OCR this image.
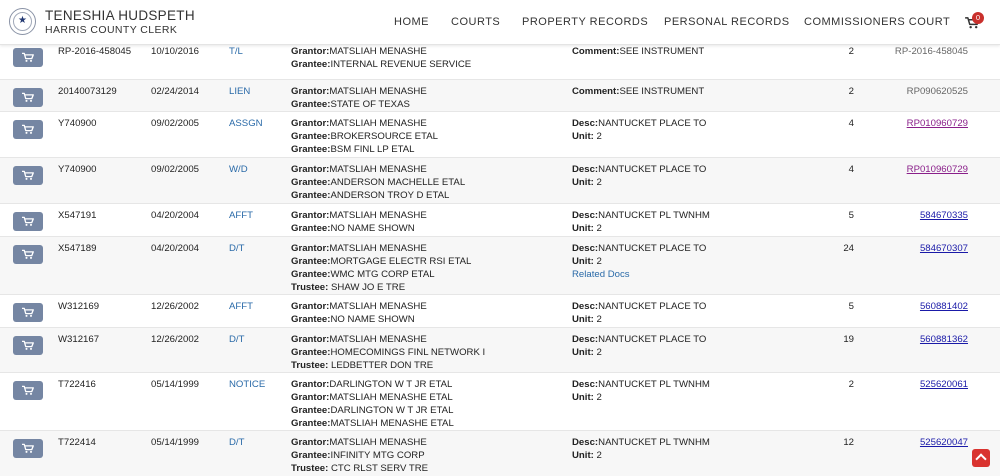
★	TENESHIA HUDSPETH
HARRIS COUNTY CLERK
HOME COURTS PROPERTY RECORDS PERSONAL RECORDS COMMISSIONERS COURT	0
RP-2016-458045 10/10/2016	T/L	Grantor:MATSLIAH MENASHE
Grantee:INTERNAL REVENUE SERVICE
Comment:SEE INSTRUMENT	2	RP-2016-458045
20140073129	02/24/2014	LIEN	Grantor:MATSLIAH MENASHE
Grantee:STATE OF TEXAS
Comment:SEE INSTRUMENT	2	RP090620525
Y740900	09/02/2005	ASSGN	Grantor:MATSLIAH MENASHE
Grantee:BROKERSOURCE ETAL
Grantee:BSM FINL LP ETAL
Desc:NANTUCKET PLACE TO
Unit: 2
4	RP010960729
Y740900	09/02/2005	W/D	Grantor:MATSLIAH MENASHE
Grantee:ANDERSON MACHELLE ETAL
Grantee:ANDERSON TROY D ETAL
Desc:NANTUCKET PLACE TO
Unit: 2
4	RP010960729
X547191	04/20/2004	AFFT	Grantor:MATSLIAH MENASHE
Grantee:NO NAME SHOWN
Desc:NANTUCKET PL TWNHM
Unit: 2
5	584670335
X547189	04/20/2004	D/T	Grantor:MATSLIAH MENASHE
Grantee:MORTGAGE ELECTR RSI ETAL
Grantee:WMC MTG CORP ETAL
Trustee: SHAW JO E TRE
Desc:NANTUCKET PLACE TO
Unit: 2
Related Docs
24	584670307
W312169	12/26/2002	AFFT	Grantor:MATSLIAH MENASHE
Grantee:NO NAME SHOWN
Desc:NANTUCKET PLACE TO
Unit: 2
5	560881402
W312167	12/26/2002	D/T	Grantor:MATSLIAH MENASHE
Grantee:HOMECOMINGS FINL NETWORK I
Trustee: LEDBETTER DON TRE
Desc:NANTUCKET PLACE TO
Unit: 2
19	560881362
T722416	05/14/1999	NOTICE	Grantor:DARLINGTON W T JR ETAL
Grantor:MATSLIAH MENASHE ETAL
Grantee:DARLINGTON W T JR ETAL
Grantee:MATSLIAH MENASHE ETAL
Desc:NANTUCKET PL TWNHM
Unit: 2
2	525620061
T722414	05/14/1999	D/T	Grantor:MATSLIAH MENASHE
Grantee:INFINITY MTG CORP
Trustee: CTC RLST SERV TRE
Desc:NANTUCKET PL TWNHM
Unit: 2
12	525620047
